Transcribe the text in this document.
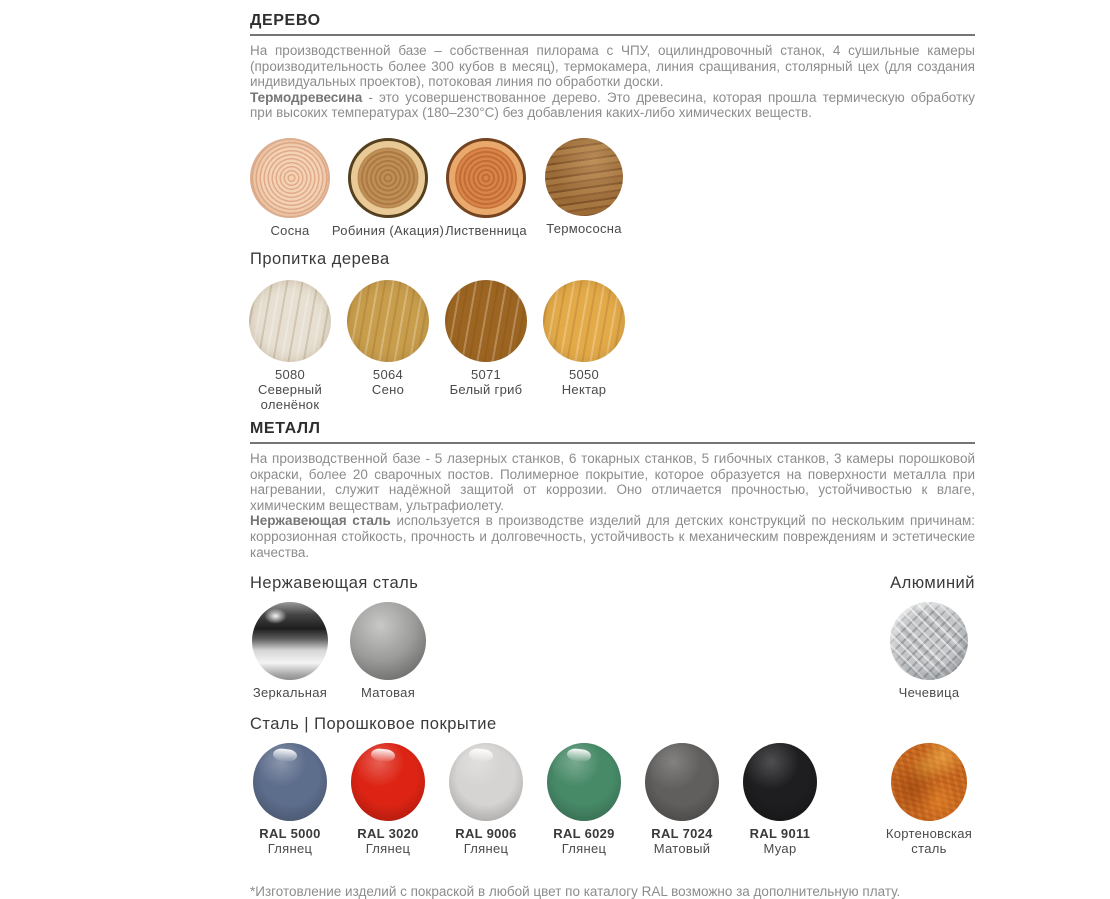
ДЕРЕВО

На производственной базе – собственная пилорама с ЧПУ, оцилиндровочный станок, 4 сушильные камеры (производительность более 300 кубов в месяц), термокамера, линия сращивания, столярный цех (для создания индивидуальных проектов), потоковая линия по обработки доски.

Термодревесина - это усовершенствованное дерево. Это древесина, которая прошла термическую обработку при высоких температурах (180–230°С) без добавления каких-либо химических веществ.

Сосна Робиния (Акация) Лиственница Термососна
Пропитка дерева
5080
Северный оленёнок
5064
Сено
5071
Белый гриб
5050
Нектар
МЕТАЛЛ

На производственной базе - 5 лазерных станков, 6 токарных станков, 5 гибочных станков, 3 камеры порошковой окраски, более 20 сварочных постов. Полимерное покрытие, которое образуется на поверхности металла при нагревании, служит надёжной защитой от коррозии. Оно отличается прочностью, устойчивостью к влаге, химическим веществам, ультрафиолету.

Нержавеющая сталь используется в производстве изделий для детских конструкций по нескольким причинам: коррозионная стойкость, прочность и долговечность, устойчивость к механическим повреждениям и эстетические качества.

Нержавеющая сталь	Алюминий
Зеркальная	Матовая	Чечевица
Сталь | Порошковое покрытие
RAL 5000
Глянец
RAL 3020
Глянец
RAL 9006
Глянец
RAL 6029
Глянец
RAL 7024
Матовый
RAL 9011
Муар
Кортеновская сталь

*Изготовление изделий с покраской в любой цвет по каталогу RAL возможно за дополнительную плату.
